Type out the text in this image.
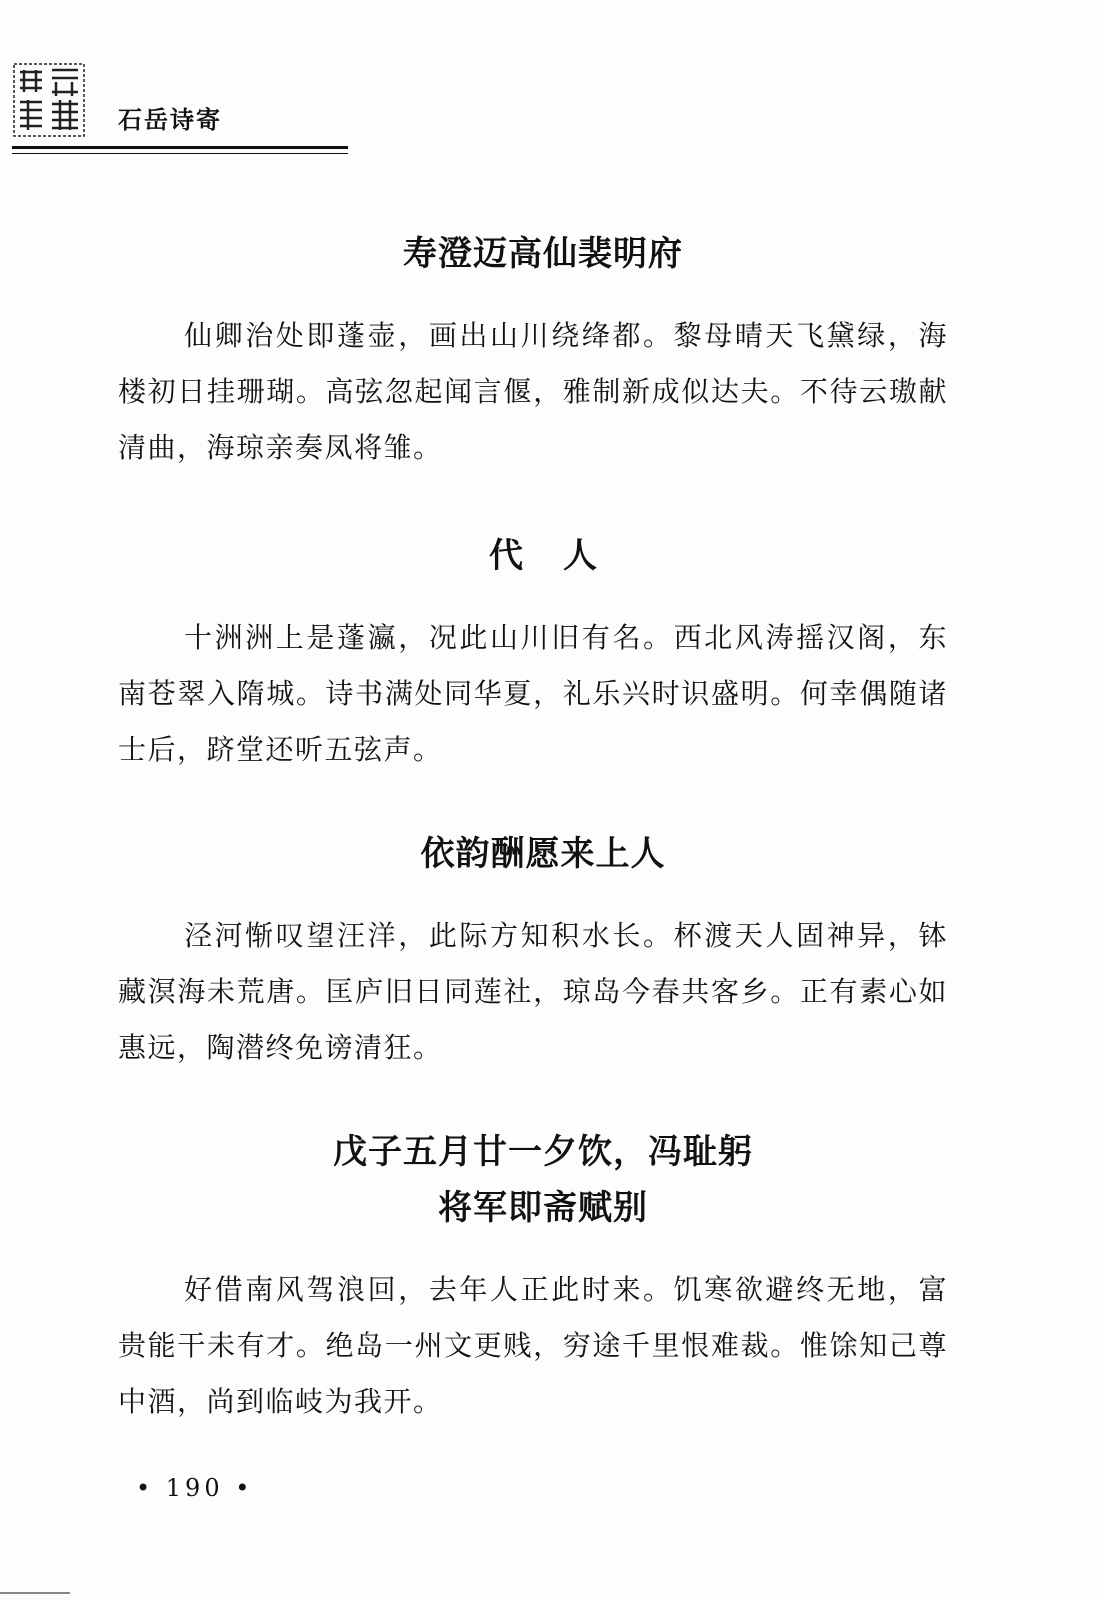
石岳诗寄
寿澄迈高仙裴明府
仙卿治处即蓬壶，画出山川绕绛都。黎母晴天飞黛绿，海楼初日挂珊瑚。高弦忽起闻言偃，雅制新成似达夫。不待云璈献清曲，海琼亲奏凤将雏。
代人
十洲洲上是蓬瀛，况此山川旧有名。西北风涛摇汉阁，东南苍翠入隋城。诗书满处同华夏，礼乐兴时识盛明。何幸偶随诸士后，跻堂还听五弦声。
依韵酬愿来上人
泾河惭叹望汪洋，此际方知积水长。杯渡天人固神异，钵藏溟海未荒唐。匡庐旧日同莲社，琼岛今春共客乡。正有素心如惠远，陶潜终免谤清狂。
戊子五月廿一夕饮，冯耻躬
将军即斋赋别
好借南风驾浪回，去年人正此时来。饥寒欲避终无地，富贵能干未有才。绝岛一州文更贱，穷途千里恨难裁。惟馀知己尊中酒，尚到临岐为我开。
• 190 •
